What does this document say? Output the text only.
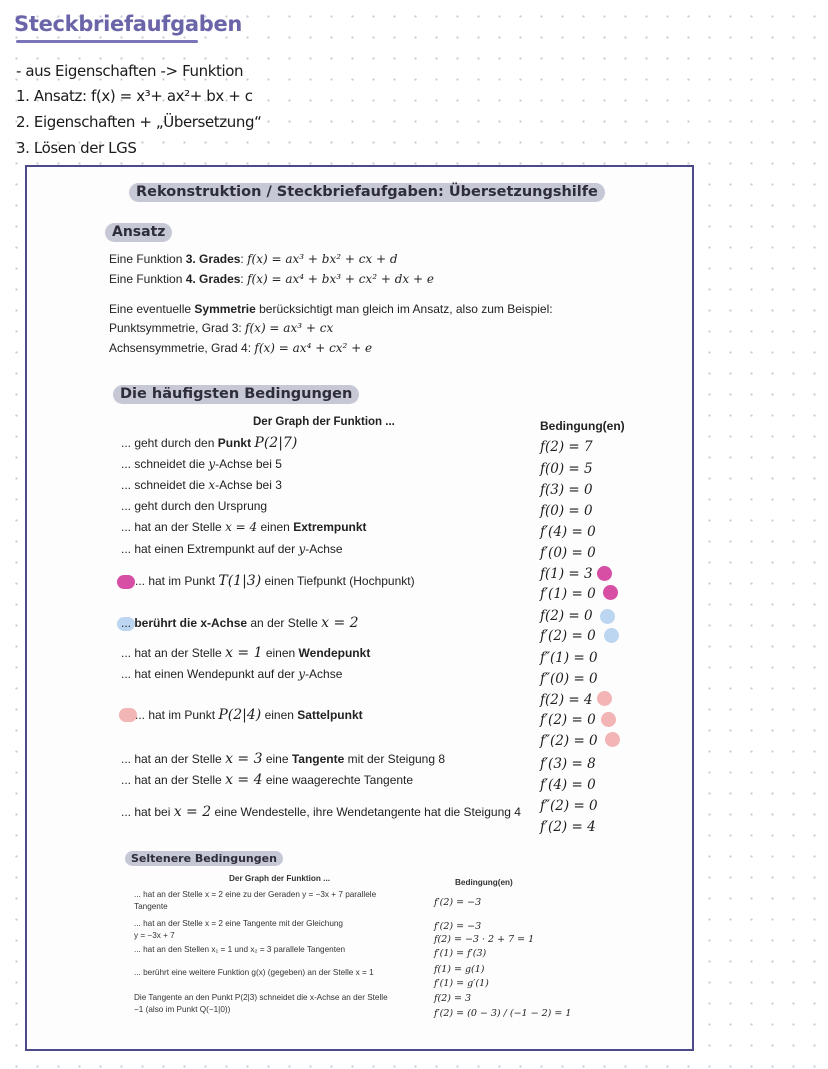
Steckbriefaufgaben
- aus Eigenschaften -> Funktion
1. Ansatz: f(x) = x³+ ax²+ bx + c
2. Eigenschaften + „Übersetzung“
3. Lösen der LGS
Rekonstruktion / Steckbriefaufgaben: Übersetzungshilfe
Ansatz
Eine Funktion 3. Grades: f(x) = ax³ + bx² + cx + d
Eine Funktion 4. Grades: f(x) = ax⁴ + bx³ + cx² + dx + e
Eine eventuelle Symmetrie berücksichtigt man gleich im Ansatz, also zum Beispiel:
Punktsymmetrie, Grad 3: f(x) = ax³ + cx
Achsensymmetrie, Grad 4: f(x) = ax⁴ + cx² + e
Die häufigsten Bedingungen
Der Graph der Funktion ...	Bedingung(en)
... geht durch den Punkt P(2|7)
... schneidet die y-Achse bei 5
... schneidet die x-Achse bei 3
... geht durch den Ursprung
... hat an der Stelle x = 4 einen Extrempunkt
... hat einen Extrempunkt auf der y-Achse
... hat im Punkt T(1|3) einen Tiefpunkt (Hochpunkt)
... berührt die x-Achse an der Stelle x = 2
... hat an der Stelle x = 1 einen Wendepunkt
... hat einen Wendepunkt auf der y-Achse
... hat im Punkt P(2|4) einen Sattelpunkt
... hat an der Stelle x = 3 eine Tangente mit der Steigung 8
... hat an der Stelle x = 4 eine waagerechte Tangente
... hat bei x = 2 eine Wendestelle, ihre Wendetangente hat die Steigung 4
f(2) = 7
f(0) = 5
f(3) = 0
f(0) = 0
f′(4) = 0
f′(0) = 0
f(1) = 3
f′(1) = 0
f(2) = 0
f′(2) = 0
f″(1) = 0
f″(0) = 0
f(2) = 4
f′(2) = 0
f″(2) = 0
f′(3) = 8
f′(4) = 0
f″(2) = 0
f′(2) = 4
Seltenere Bedingungen
Der Graph der Funktion ...	Bedingung(en)
... hat an der Stelle x = 2 eine zu der Geraden y = −3x + 7 parallele
Tangente
... hat an der Stelle x = 2 eine Tangente mit der Gleichung
y = −3x + 7
... hat an den Stellen x₁ = 1 und x₂ = 3 parallele Tangenten
... berührt eine weitere Funktion g(x) (gegeben) an der Stelle x = 1
Die Tangente an den Punkt P(2|3) schneidet die x-Achse an der Stelle
−1 (also im Punkt Q(−1|0))
f′(2) = −3
f′(2) = −3
f(2) = −3 · 2 + 7 = 1
f′(1) = f′(3)
f(1) = g(1)
f′(1) = g′(1)
f(2) = 3
f′(2) = (0 − 3) / (−1 − 2) = 1
